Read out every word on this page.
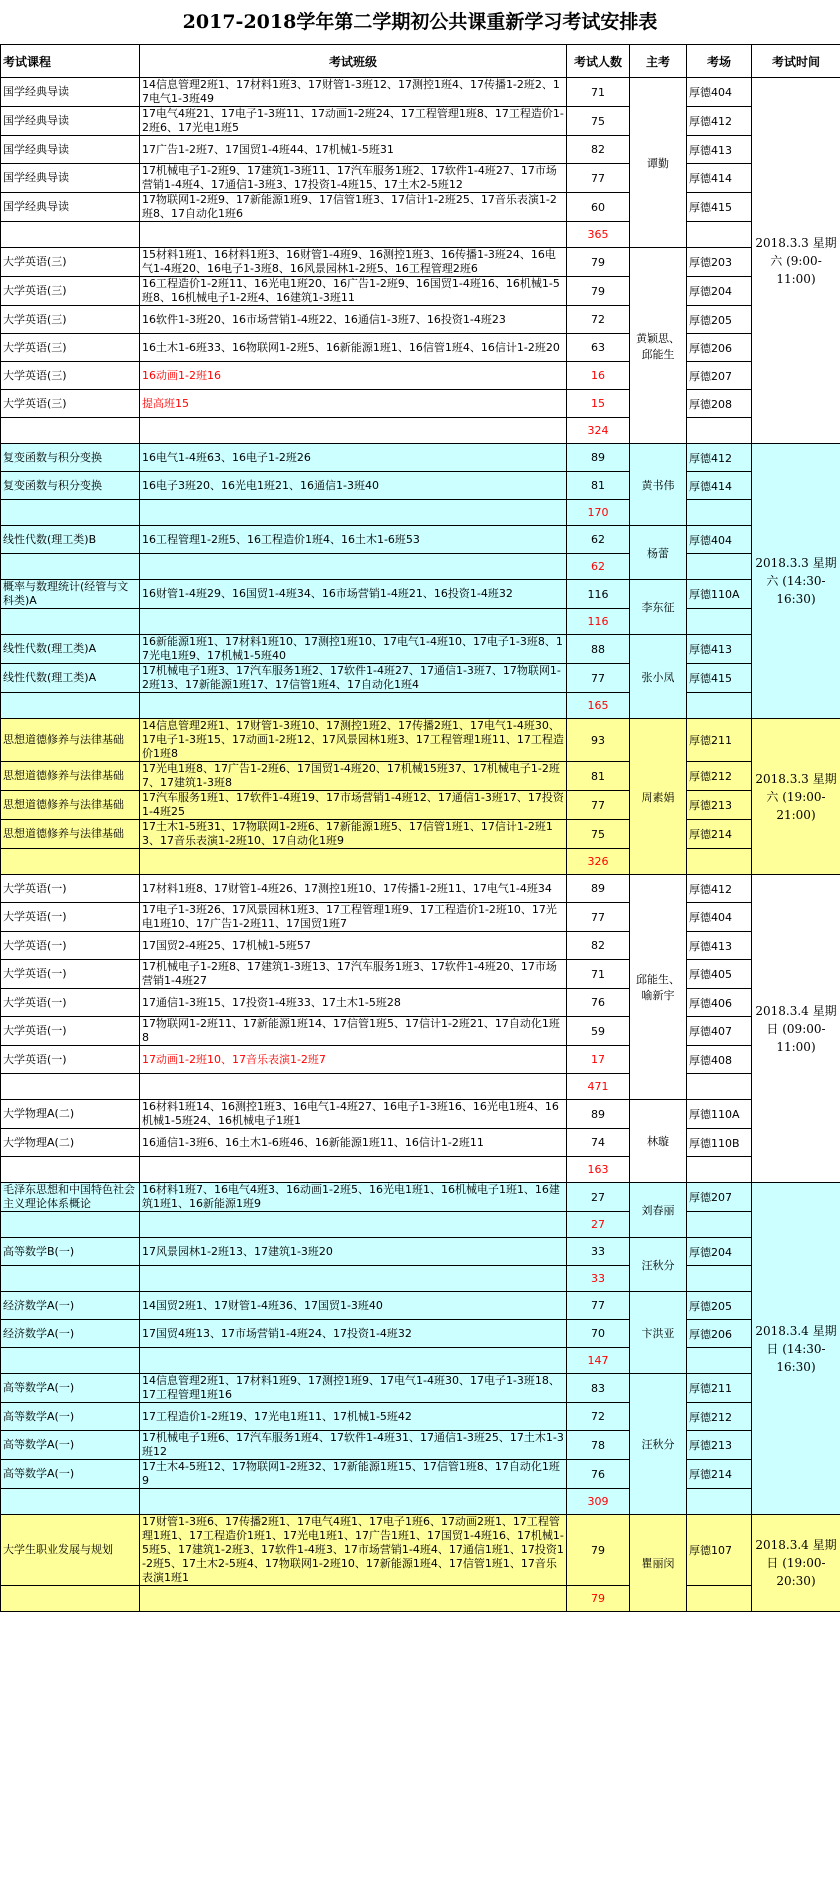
2017-2018学年第二学期初公共课重新学习考试安排表
考试课程	考试班级	考试人数	主考	考场	考试时间
国学经典导读	14信息管理2班1、17材料1班3、17财管1-3班12、17测控1班4、17传播1-2班2、17电气1-3班49	71	谭勤	厚德404	2018.3.3 星期六 (9:00-11:00)
国学经典导读	17电气4班21、17电子1-3班11、17动画1-2班24、17工程管理1班8、17工程造价1-2班6、17光电1班5	75		厚德412	
国学经典导读	17广告1-2班7、17国贸1-4班44、17机械1-5班31	82		厚德413	
国学经典导读	17机械电子1-2班9、17建筑1-3班11、17汽车服务1班2、17软件1-4班27、17市场营销1-4班4、17通信1-3班3、17投资1-4班15、17土木2-5班12	77		厚德414	
国学经典导读	17物联网1-2班9、17新能源1班9、17信管1班3、17信计1-2班25、17音乐表演1-2班8、17自动化1班6	60		厚德415	
		365			
大学英语(三)	15材料1班1、16材料1班3、16财管1-4班9、16测控1班3、16传播1-3班24、16电气1-4班20、16电子1-3班8、16风景园林1-2班5、16工程管理2班6	79	黄颖思、邱能生	厚德203	
大学英语(三)	16工程造价1-2班11、16光电1班20、16广告1-2班9、16国贸1-4班16、16机械1-5班8、16机械电子1-2班4、16建筑1-3班11	79		厚德204	
大学英语(三)	16软件1-3班20、16市场营销1-4班22、16通信1-3班7、16投资1-4班23	72		厚德205	
大学英语(三)	16土木1-6班33、16物联网1-2班5、16新能源1班1、16信管1班4、16信计1-2班20	63		厚德206	
大学英语(三)	16动画1-2班16	16		厚德207	
大学英语(三)	提高班15	15		厚德208	
		324			
复变函数与积分变换	16电气1-4班63、16电子1-2班26	89	黄书伟	厚德412	2018.3.3 星期六 (14:30-16:30)
复变函数与积分变换	16电子3班20、16光电1班21、16通信1-3班40	81		厚德414	
		170			
线性代数(理工类)B	16工程管理1-2班5、16工程造价1班4、16土木1-6班53	62	杨蕾	厚德404	
		62			
概率与数理统计(经管与文科类)A	16财管1-4班29、16国贸1-4班34、16市场营销1-4班21、16投资1-4班32	116	李东征	厚德110A	
		116			
线性代数(理工类)A	16新能源1班1、17材料1班10、17测控1班10、17电气1-4班10、17电子1-3班8、17光电1班9、17机械1-5班40	88	张小凤	厚德413	
线性代数(理工类)A	17机械电子1班3、17汽车服务1班2、17软件1-4班27、17通信1-3班7、17物联网1-2班13、17新能源1班17、17信管1班4、17自动化1班4	77		厚德415	
		165			
思想道德修养与法律基础	14信息管理2班1、17财管1-3班10、17测控1班2、17传播2班1、17电气1-4班30、17电子1-3班15、17动画1-2班12、17风景园林1班3、17工程管理1班11、17工程造价1班8	93	周素娟	厚德211	2018.3.3 星期六 (19:00-21:00)
思想道德修养与法律基础	17光电1班8、17广告1-2班6、17国贸1-4班20、17机械15班37、17机械电子1-2班7、17建筑1-3班8	81		厚德212	
思想道德修养与法律基础	17汽车服务1班1、17软件1-4班19、17市场营销1-4班12、17通信1-3班17、17投资1-4班25	77		厚德213	
思想道德修养与法律基础	17土木1-5班31、17物联网1-2班6、17新能源1班5、17信管1班1、17信计1-2班13、17音乐表演1-2班10、17自动化1班9	75		厚德214	
		326			
大学英语(一)	17材料1班8、17财管1-4班26、17测控1班10、17传播1-2班11、17电气1-4班34	89	邱能生、喻新宇	厚德412	2018.3.4 星期日 (09:00-11:00)
大学英语(一)	17电子1-3班26、17风景园林1班3、17工程管理1班9、17工程造价1-2班10、17光电1班10、17广告1-2班11、17国贸1班7	77		厚德404	
大学英语(一)	17国贸2-4班25、17机械1-5班57	82		厚德413	
大学英语(一)	17机械电子1-2班8、17建筑1-3班13、17汽车服务1班3、17软件1-4班20、17市场营销1-4班27	71		厚德405	
大学英语(一)	17通信1-3班15、17投资1-4班33、17土木1-5班28	76		厚德406	
大学英语(一)	17物联网1-2班11、17新能源1班14、17信管1班5、17信计1-2班21、17自动化1班8	59		厚德407	
大学英语(一)	17动画1-2班10、17音乐表演1-2班7	17		厚德408	
		471			
大学物理A(二)	16材料1班14、16测控1班3、16电气1-4班27、16电子1-3班16、16光电1班4、16机械1-5班24、16机械电子1班1	89	林璇	厚德110A	
大学物理A(二)	16通信1-3班6、16土木1-6班46、16新能源1班11、16信计1-2班11	74		厚德110B	
		163			
毛泽东思想和中国特色社会主义理论体系概论	16材料1班7、16电气4班3、16动画1-2班5、16光电1班1、16机械电子1班1、16建筑1班1、16新能源1班9	27	刘春丽	厚德207	2018.3.4 星期日 (14:30-16:30)
		27			
高等数学B(一)	17风景园林1-2班13、17建筑1-3班20	33	汪秋分	厚德204	
		33			
经济数学A(一)	14国贸2班1、17财管1-4班36、17国贸1-3班40	77	卞洪亚	厚德205	
经济数学A(一)	17国贸4班13、17市场营销1-4班24、17投资1-4班32	70		厚德206	
		147			
高等数学A(一)	14信息管理2班1、17材料1班9、17测控1班9、17电气1-4班30、17电子1-3班18、17工程管理1班16	83	汪秋分	厚德211	
高等数学A(一)	17工程造价1-2班19、17光电1班11、17机械1-5班42	72		厚德212	
高等数学A(一)	17机械电子1班6、17汽车服务1班4、17软件1-4班31、17通信1-3班25、17土木1-3班12	78		厚德213	
高等数学A(一)	17土木4-5班12、17物联网1-2班32、17新能源1班15、17信管1班8、17自动化1班9	76		厚德214	
		309			
大学生职业发展与规划	17财管1-3班6、17传播2班1、17电气4班1、17电子1班6、17动画2班1、17工程管理1班1、17工程造价1班1、17光电1班1、17广告1班1、17国贸1-4班16、17机械1-5班5、17建筑1-2班3、17软件1-4班3、17市场营销1-4班4、17通信1班1、17投资1-2班5、17土木2-5班4、17物联网1-2班10、17新能源1班4、17信管1班1、17音乐表演1班1	79	瞿丽闵	厚德107	2018.3.4 星期日 (19:00-20:30)
		79			
